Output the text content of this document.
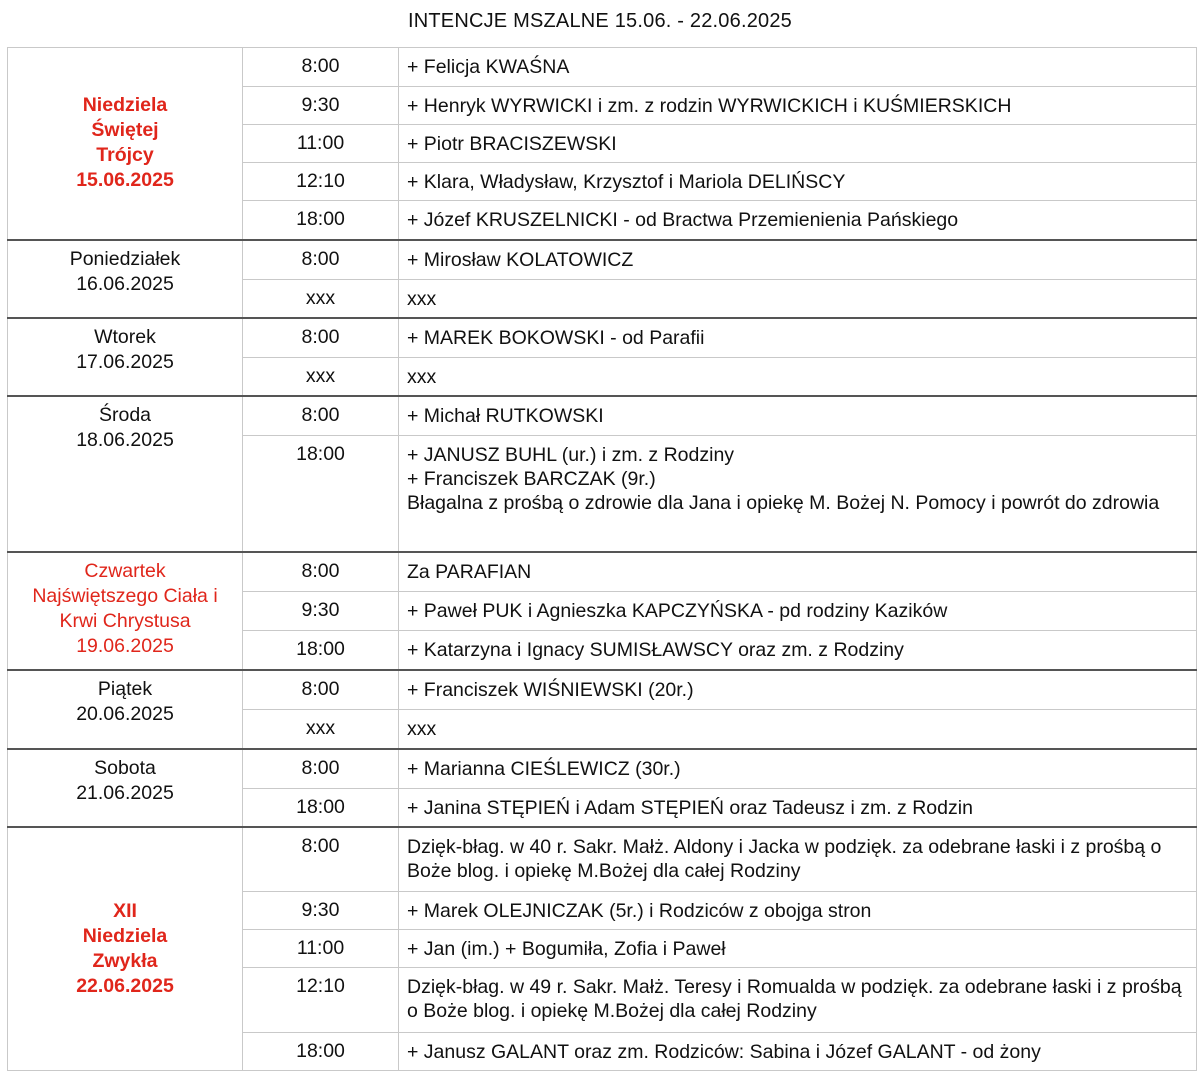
INTENCJE MSZALNE 15.06. - 22.06.2025
Niedziela
Świętej
Trójcy
15.06.2025	8:00	+ Felicja KWAŚNA
	9:30	+ Henryk WYRWICKI i zm. z rodzin WYRWICKICH i KUŚMIERSKICH
	11:00	+ Piotr BRACISZEWSKI
	12:10	+ Klara, Władysław, Krzysztof i Mariola DELIŃSCY
	18:00	+ Józef KRUSZELNICKI - od Bractwa Przemienienia Pańskiego

Poniedziałek
16.06.2025	8:00	+ Mirosław KOLATOWICZ
	xxx	xxx

Wtorek
17.06.2025	8:00	+ MAREK BOKOWSKI - od Parafii
	xxx	xxx

Środa
18.06.2025	8:00	+ Michał RUTKOWSKI
	18:00	+ JANUSZ BUHL (ur.) i zm. z Rodziny
+ Franciszek BARCZAK (9r.)
Błagalna z prośbą o zdrowie dla Jana i opiekę M. Bożej N. Pomocy i powrót do zdrowia

Czwartek
Najświętszego Ciała i
Krwi Chrystusa
19.06.2025	8:00	Za PARAFIAN
	9:30	+ Paweł PUK i Agnieszka KAPCZYŃSKA - pd rodziny Kazików
	18:00	+ Katarzyna i Ignacy SUMISŁAWSCY oraz zm. z Rodziny

Piątek
20.06.2025	8:00	+ Franciszek WIŚNIEWSKI (20r.)
	xxx	xxx

Sobota
21.06.2025	8:00	+ Marianna CIEŚLEWICZ (30r.)
	18:00	+ Janina STĘPIEŃ i Adam STĘPIEŃ oraz Tadeusz i zm. z Rodzin

XII
Niedziela
Zwykła
22.06.2025	8:00	Dzięk-błag. w 40 r. Sakr. Małż. Aldony i Jacka w podzięk. za odebrane łaski i z prośbą o Boże blog. i opiekę M.Bożej dla całej Rodziny
	9:30	+ Marek OLEJNICZAK (5r.) i Rodziców z obojga stron
	11:00	+ Jan (im.) + Bogumiła, Zofia i Paweł
	12:10	Dzięk-błag. w 49 r. Sakr. Małż. Teresy i Romualda w podzięk. za odebrane łaski i z prośbą o Boże blog. i opiekę M.Bożej dla całej Rodziny
	18:00	+ Janusz GALANT oraz zm. Rodziców: Sabina i Józef GALANT - od żony
